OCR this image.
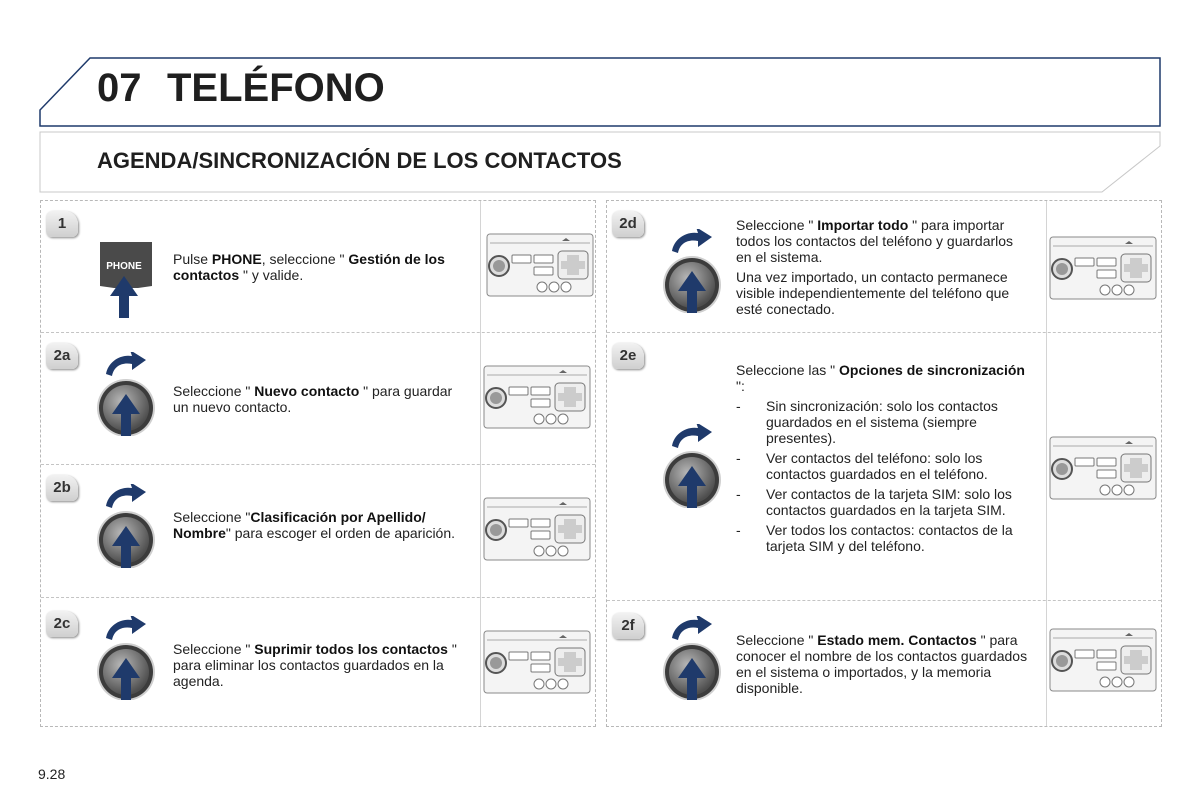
07 TELÉFONO
AGENDA/SINCRONIZACIÓN DE LOS CONTACTOS
1
PHONE Pulse PHONE, seleccione " Gestión de los contactos " y valide.
2a
Seleccione " Nuevo contacto " para guardar un nuevo contacto.
2b
Seleccione "Clasificación por Apellido/ Nombre" para escoger el orden de aparición.
2c
Seleccione " Suprimir todos los contactos " para eliminar los contactos guardados en la agenda.
2d	Seleccione " Importar todo " para importar todos los contactos del teléfono y guardarlos en el sistema.

Una vez importado, un contacto permanece visible independientemente del teléfono que esté conectado.

2e

Seleccione las " Opciones de sincronización ":

-	Sin sincronización: solo los contactos guardados en el sistema (siempre presentes).
-	Ver contactos del teléfono: solo los contactos guardados en el teléfono.
-	Ver contactos de la tarjeta SIM: solo los contactos guardados en la tarjeta SIM.
-	Ver todos los contactos: contactos de la tarjeta SIM y del teléfono.
2f
Seleccione " Estado mem. Contactos " para conocer el nombre de los contactos guardados en el sistema o importados, y la memoria disponible.
9.28
